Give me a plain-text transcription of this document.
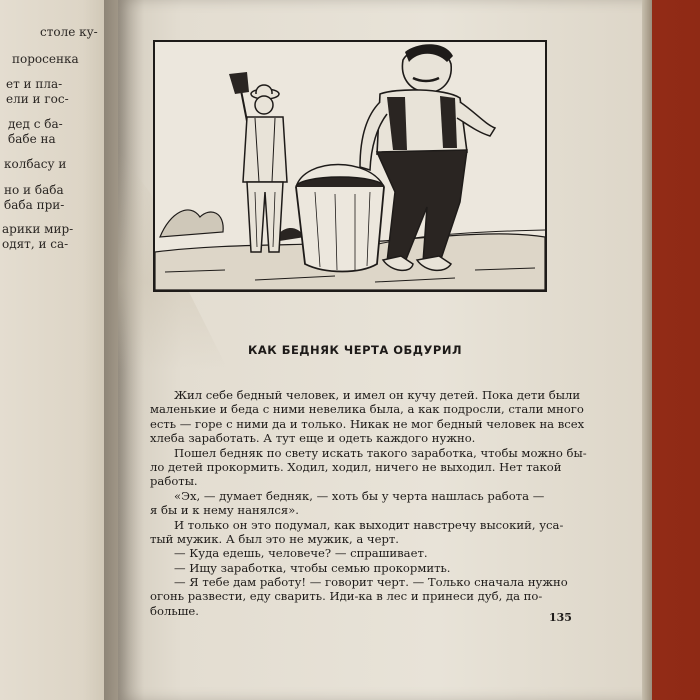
столе ку-
поросенка
ет и пла-
ели и гос-
дед с ба-
бабе на
колбасу и
но и баба
баба при-
арики мир-
одят, и са-
КАК БЕДНЯК ЧЕРТА ОБДУРИЛ
Жил себе бедный человек, и имел он кучу детей. Пока дети были
маленькие и беда с ними невелика была, а как подросли, стали много
есть — горе с ними да и только. Никак не мог бедный человек на всех
хлеба заработать. А тут еще и одеть каждого нужно.
Пошел бедняк по свету искать такого заработка, чтобы можно бы-
ло детей прокормить. Ходил, ходил, ничего не выходил. Нет такой
работы.
«Эх, — думает бедняк, — хоть бы у черта нашлась работа —
я бы и к нему нанялся».
И только он это подумал, как выходит навстречу высокий, уса-
тый мужик. А был это не мужик, а черт.
— Куда едешь, человече? — спрашивает.
— Ищу заработка, чтобы семью прокормить.
— Я тебе дам работу! — говорит черт. — Только сначала нужно
огонь развести, еду сварить. Иди-ка в лес и принеси дуб, да по-
больше.	135
